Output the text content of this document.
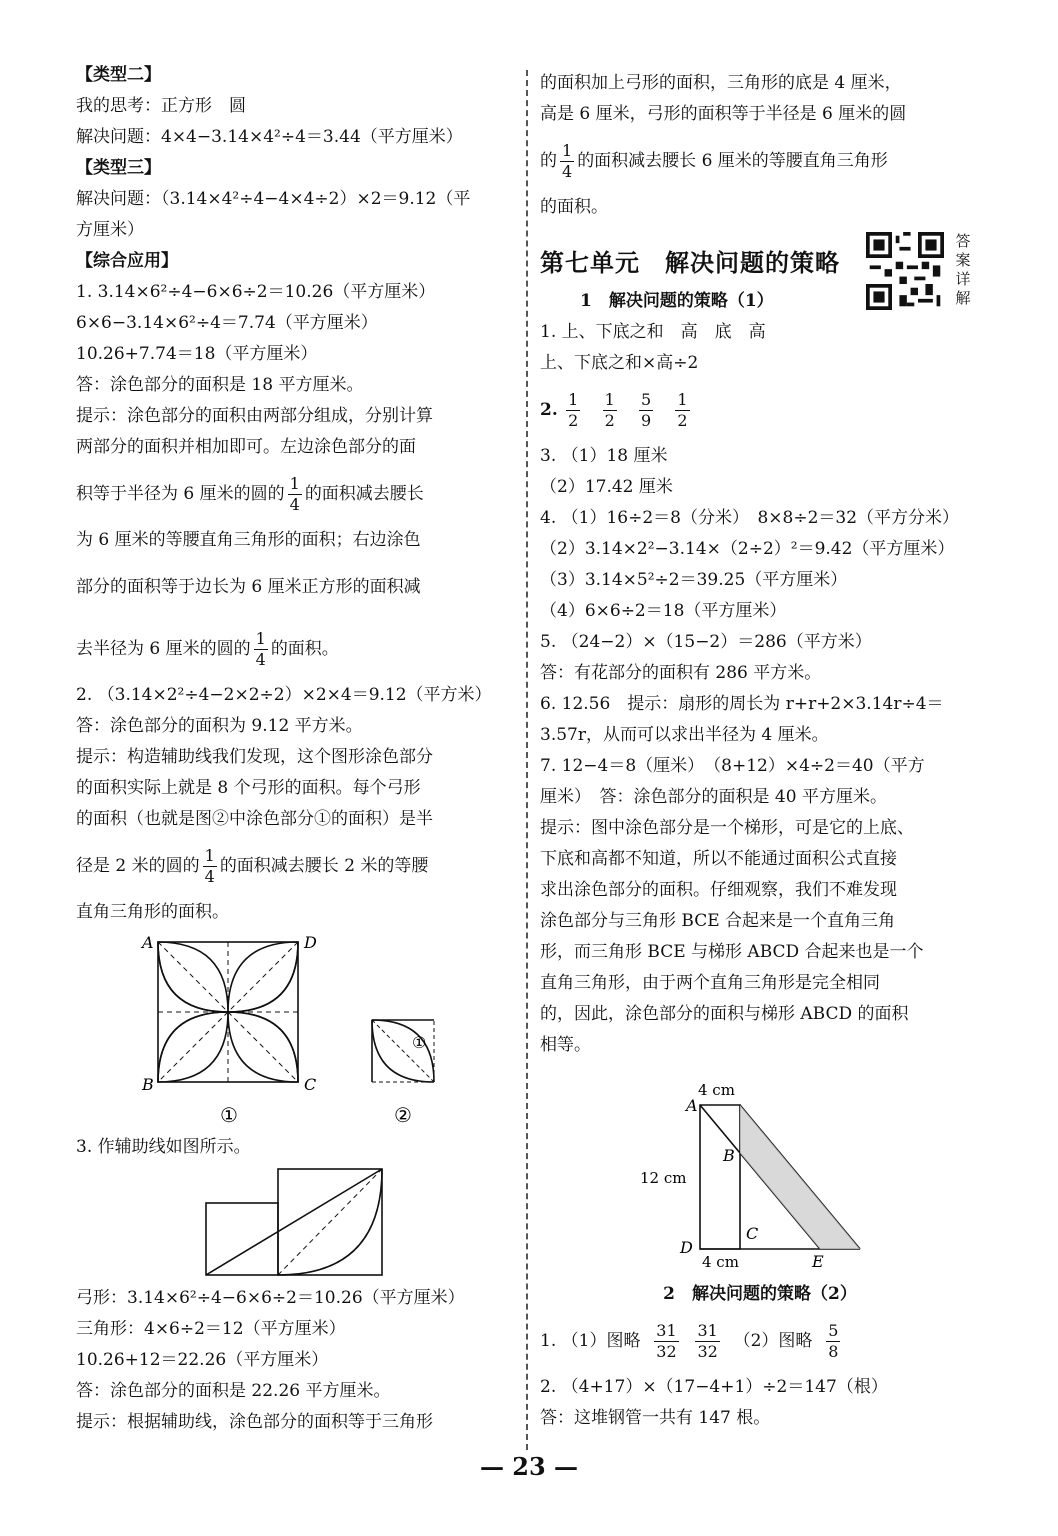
【类型二】
我的思考：正方形　圆
解决问题：4×4−3.14×4²÷4＝3.44（平方厘米）
【类型三】
解决问题：（3.14×4²÷4−4×4÷2）×2＝9.12（平
方厘米）
【综合应用】
1. 3.14×6²÷4−6×6÷2＝10.26（平方厘米）
6×6−3.14×6²÷4＝7.74（平方厘米）
10.26+7.74＝18（平方厘米）
答：涂色部分的面积是 18 平方厘米。
提示：涂色部分的面积由两部分组成，分别计算
两部分的面积并相加即可。左边涂色部分的面
积等于半径为 6 厘米的圆的 $\frac{1}{4}$ 的面积减去腰长
为 6 厘米的等腰直角三角形的面积；右边涂色
部分的面积等于边长为 6 厘米正方形的面积减
去半径为 6 厘米的圆的 $\frac{1}{4}$ 的面积。
2. （3.14×2²÷4−2×2÷2）×2×4＝9.12（平方米）
答：涂色部分的面积为 9.12 平方米。
提示：构造辅助线我们发现，这个图形涂色部分
的面积实际上就是 8 个弓形的面积。每个弓形
的面积（也就是图②中涂色部分①的面积）是半
径是 2 米的圆的 $\frac{1}{4}$ 的面积减去腰长 2 米的等腰
直角三角形的面积。
A	D
B	C
①
①
②
3. 作辅助线如图所示。
弓形：3.14×6²÷4−6×6÷2＝10.26（平方厘米）
三角形：4×6÷2＝12（平方厘米）
10.26+12＝22.26（平方厘米）
答：涂色部分的面积是 22.26 平方厘米。
提示：根据辅助线，涂色部分的面积等于三角形
的面积加上弓形的面积，三角形的底是 4 厘米，
高是 6 厘米，弓形的面积等于半径是 6 厘米的圆
的 $\frac{1}{4}$ 的面积减去腰长 6 厘米的等腰直角三角形
的面积。
第七单元　解决问题的策略
1　解决问题的策略（1）
1. 上、下底之和　高　底　高
上、下底之和×高÷2
2. $\frac{1}{2}$
$\frac{1}{2}$
$\frac{5}{9}$
$\frac{1}{2}$
3. （1）18 厘米
（2）17.42 厘米
4. （1）16÷2＝8（分米）　8×8÷2＝32（平方分米）
（2）3.14×2²−3.14×（2÷2）²＝9.42（平方厘米）
（3）3.14×5²÷2＝39.25（平方厘米）
（4）6×6÷2＝18（平方厘米）
5. （24−2）×（15−2）＝286（平方米）
答：有花部分的面积有 286 平方米。
6. 12.56　提示：扇形的周长为 r+r+2×3.14r÷4＝
3.57r，从而可以求出半径为 4 厘米。
7. 12−4＝8（厘米）　（8+12）×4÷2＝40（平方
厘米）　答：涂色部分的面积是 40 平方厘米。
提示：图中涂色部分是一个梯形，可是它的上底、
下底和高都不知道，所以不能通过面积公式直接
求出涂色部分的面积。仔细观察，我们不难发现
涂色部分与三角形 BCE 合起来是一个直角三角
形，而三角形 BCE 与梯形 ABCD 合起来也是一个
直角三角形，由于两个直角三角形是完全相同
的，因此，涂色部分的面积与梯形 ABCD 的面积
相等。
4 cm
12 cm
4 cm
A
B
C
D
E
2　解决问题的策略（2）
1. （1）图略 $\frac{31}{32}$
$\frac{31}{32} (2)$图略 $\frac{5}{8}$
2. （4+17）×（17−4+1）÷2＝147（根）
答：这堆钢管一共有 147 根。
答案详解
— 23 —
